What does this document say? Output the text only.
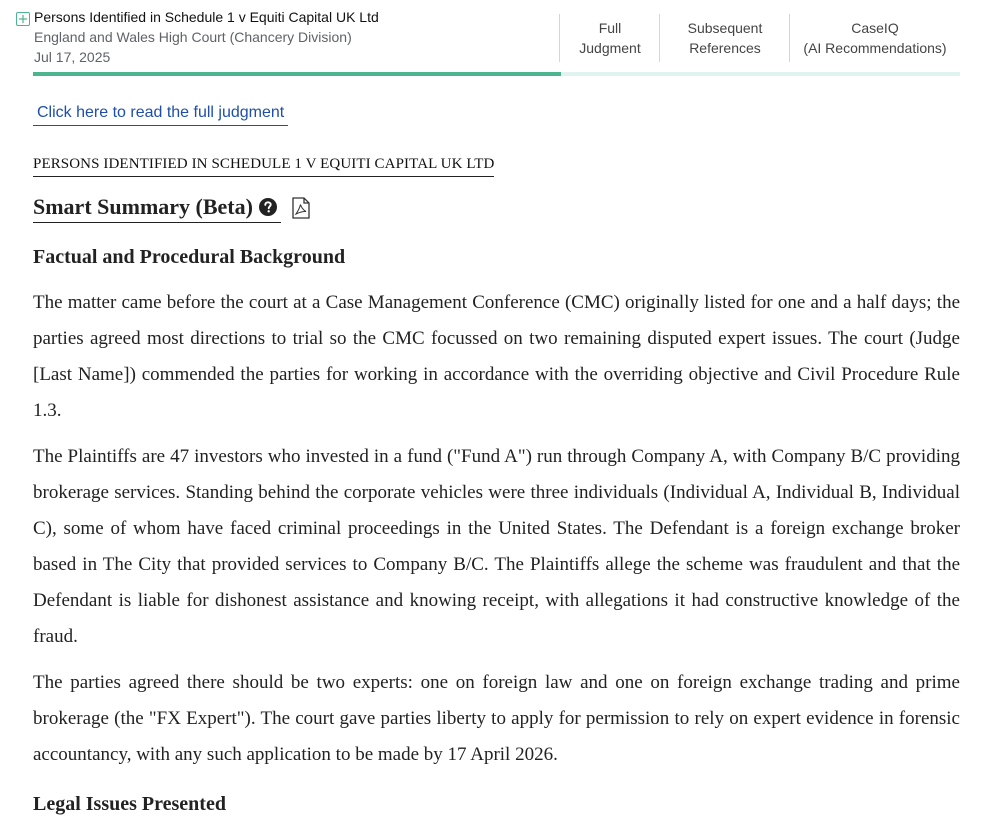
Persons Identified in Schedule 1 v Equiti Capital UK Ltd
England and Wales High Court (Chancery Division)
Jul 17, 2025
Full
Judgment
Subsequent
References
CaseIQ
(AI Recommendations)
Click here to read the full judgment
PERSONS IDENTIFIED IN SCHEDULE 1 V EQUITI CAPITAL UK LTD
Smart Summary (Beta)
Factual and Procedural Background
The matter came before the court at a Case Management Conference (CMC) originally listed for one and a half days; the parties agreed most directions to trial so the CMC focussed on two remaining disputed expert issues. The court (Judge [Last Name]) commended the parties for working in accordance with the overriding objective and Civil Procedure Rule 1.3.
The Plaintiffs are 47 investors who invested in a fund ("Fund A") run through Company A, with Company B/C providing brokerage services. Standing behind the corporate vehicles were three individuals (Individual A, Individual B, Individual C), some of whom have faced criminal proceedings in the United States. The Defendant is a foreign exchange broker based in The City that provided services to Company B/C. The Plaintiffs allege the scheme was fraudulent and that the Defendant is liable for dishonest assistance and knowing receipt, with allegations it had constructive knowledge of the fraud.
The parties agreed there should be two experts: one on foreign law and one on foreign exchange trading and prime brokerage (the "FX Expert"). The court gave parties liberty to apply for permission to rely on expert evidence in forensic accountancy, with any such application to be made by 17 April 2026.
Legal Issues Presented
